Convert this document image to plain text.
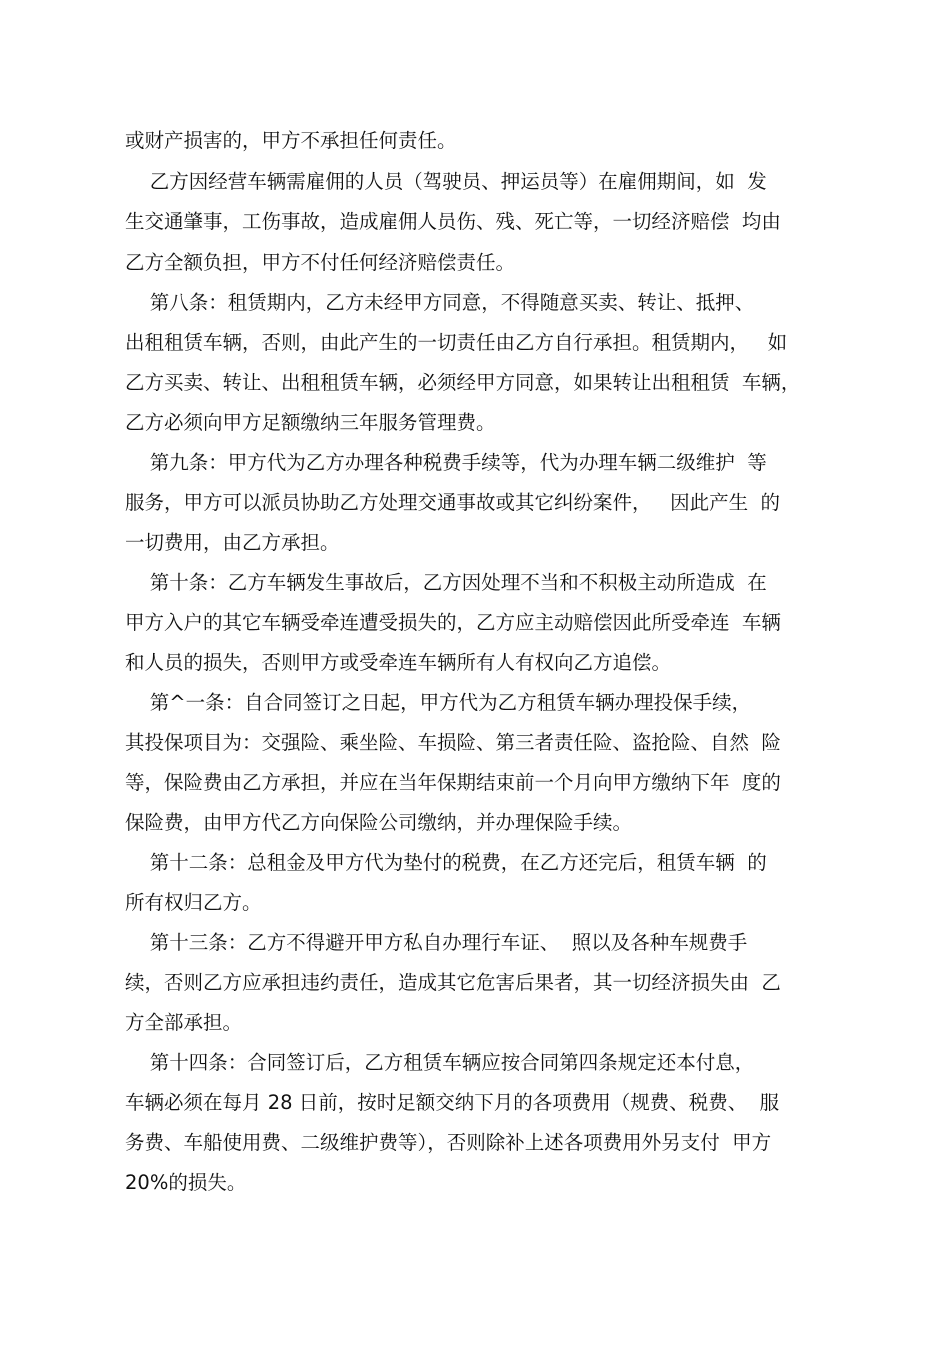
或财产损害的，甲方不承担任何责任。
乙方因经营车辆需雇佣的人员（驾驶员、押运员等）在雇佣期间，如  发
生交通肇事，工伤事故，造成雇佣人员伤、残、死亡等，一切经济赔偿  均由
乙方全额负担，甲方不付任何经济赔偿责任。
第八条：租赁期内，乙方未经甲方同意，不得随意买卖、转让、抵押、
出租租赁车辆，否则，由此产生的一切责任由乙方自行承担。租赁期内，   如
乙方买卖、转让、出租租赁车辆，必须经甲方同意，如果转让出租租赁  车辆，
乙方必须向甲方足额缴纳三年服务管理费。
第九条：甲方代为乙方办理各种税费手续等，代为办理车辆二级维护  等
服务，甲方可以派员协助乙方处理交通事故或其它纠纷案件，   因此产生  的
一切费用，由乙方承担。
第十条：乙方车辆发生事故后，乙方因处理不当和不积极主动所造成  在
甲方入户的其它车辆受牵连遭受损失的，乙方应主动赔偿因此所受牵连  车辆
和人员的损失，否则甲方或受牵连车辆所有人有权向乙方追偿。
第^一条：自合同签订之日起，甲方代为乙方租赁车辆办理投保手续，
其投保项目为：交强险、乘坐险、车损险、第三者责任险、盗抢险、自然  险
等，保险费由乙方承担，并应在当年保期结束前一个月向甲方缴纳下年  度的
保险费，由甲方代乙方向保险公司缴纳，并办理保险手续。
第十二条：总租金及甲方代为垫付的税费，在乙方还完后，租赁车辆  的
所有权归乙方。
第十三条：乙方不得避开甲方私自办理行车证、  照以及各种车规费手
续，否则乙方应承担违约责任，造成其它危害后果者，其一切经济损失由  乙
方全部承担。
第十四条：合同签订后，乙方租赁车辆应按合同第四条规定还本付息，
车辆必须在每月 28 日前，按时足额交纳下月的各项费用（规费、税费、  服
务费、车船使用费、二级维护费等），否则除补上述各项费用外另支付  甲方
20%的损失。
